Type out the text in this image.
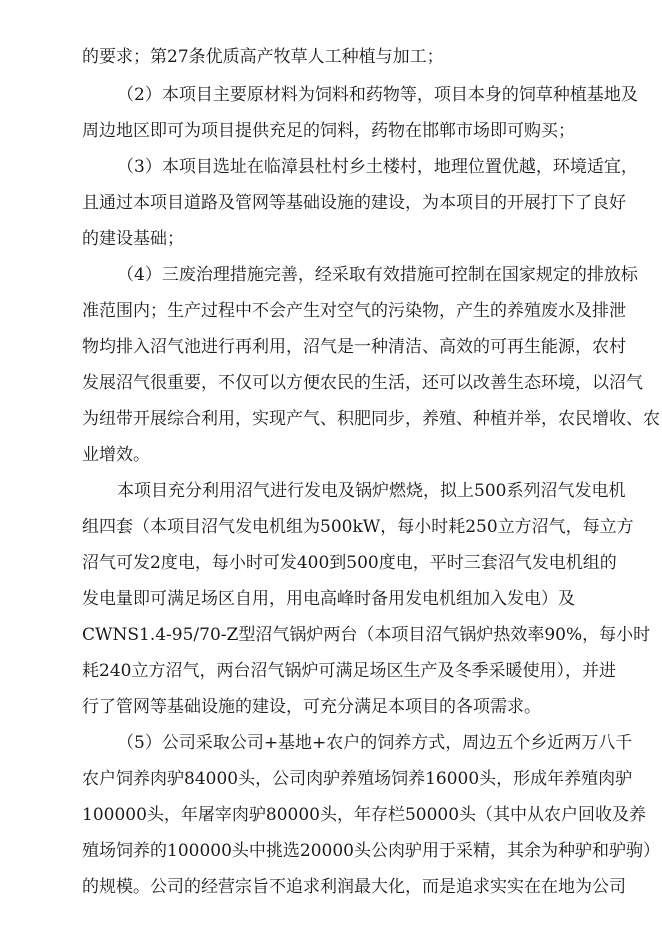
的要求；第27条优质高产牧草人工种植与加工；
（2）本项目主要原材料为饲料和药物等，项目本身的饲草种植基地及
周边地区即可为项目提供充足的饲料，药物在邯郸市场即可购买；
（3）本项目选址在临漳县杜村乡土楼村，地理位置优越，环境适宜，
且通过本项目道路及管网等基础设施的建设，为本项目的开展打下了良好
的建设基础；
（4）三废治理措施完善，经采取有效措施可控制在国家规定的排放标
准范围内；生产过程中不会产生对空气的污染物，产生的养殖废水及排泄
物均排入沼气池进行再利用，沼气是一种清洁、高效的可再生能源，农村
发展沼气很重要，不仅可以方便农民的生活，还可以改善生态环境，以沼气
为纽带开展综合利用，实现产气、积肥同步，养殖、种植并举，农民增收、农
业增效。
本项目充分利用沼气进行发电及锅炉燃烧，拟上500系列沼气发电机
组四套（本项目沼气发电机组为500kW，每小时耗250立方沼气，每立方
沼气可发2度电，每小时可发400到500度电，平时三套沼气发电机组的
发电量即可满足场区自用，用电高峰时备用发电机组加入发电）及
CWNS1.4-95/70-Z型沼气锅炉两台（本项目沼气锅炉热效率90%，每小时
耗240立方沼气，两台沼气锅炉可满足场区生产及冬季采暖使用），并进
行了管网等基础设施的建设，可充分满足本项目的各项需求。
（5）公司采取公司+基地+农户的饲养方式，周边五个乡近两万八千
农户饲养肉驴84000头，公司肉驴养殖场饲养16000头，形成年养殖肉驴
100000头，年屠宰肉驴80000头，年存栏50000头（其中从农户回收及养
殖场饲养的100000头中挑选20000头公肉驴用于采精，其余为种驴和驴驹）
的规模。公司的经营宗旨不追求利润最大化，而是追求实实在在地为公司
